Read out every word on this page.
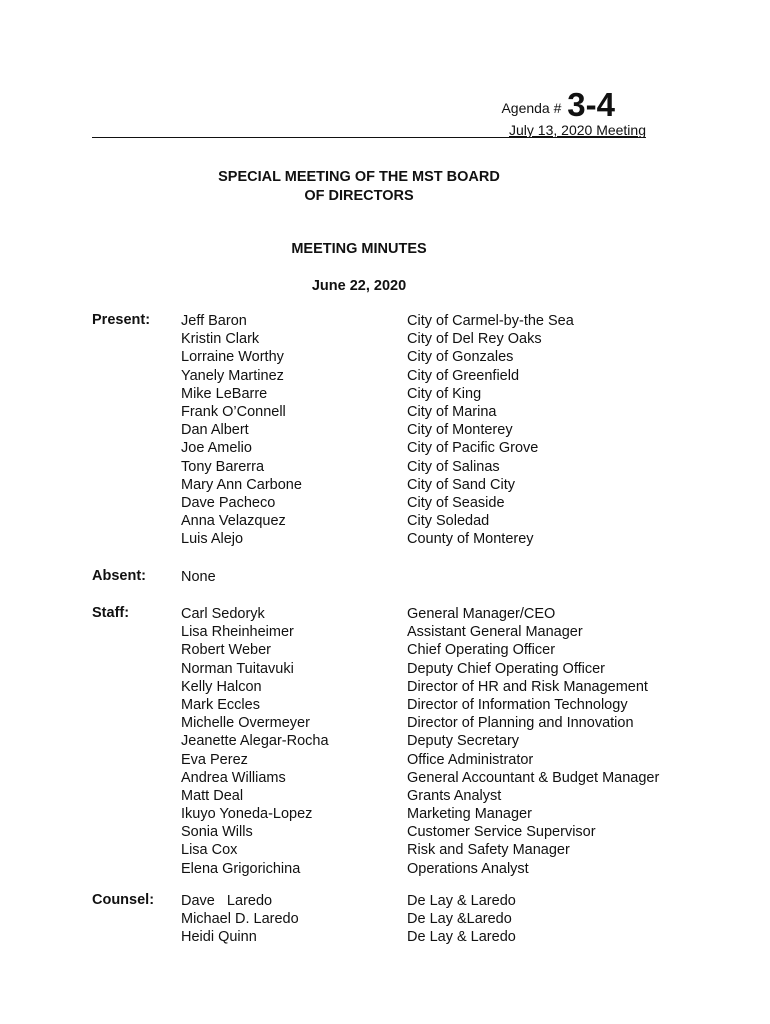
Agenda # 3-4
July 13, 2020 Meeting
SPECIAL MEETING OF THE MST BOARD
OF DIRECTORS
MEETING MINUTES
June 22, 2020
Present: Jeff Baron
Kristin Clark
Lorraine Worthy
Yanely Martinez
Mike LeBarre
Frank O’Connell
Dan Albert
Joe Amelio
Tony Barerra
Mary Ann Carbone
Dave Pacheco
Anna Velazquez
Luis Alejo
City of Carmel-by-the Sea
City of Del Rey Oaks
City of Gonzales
City of Greenfield
City of King
City of Marina
City of Monterey
City of Pacific Grove
City of Salinas
City of Sand City
City of Seaside
City Soledad
County of Monterey
Absent: None
Staff:	Carl Sedoryk
Lisa Rheinheimer
Robert Weber
Norman Tuitavuki
Kelly Halcon
Mark Eccles
Michelle Overmeyer
Jeanette Alegar-Rocha
Eva Perez
Andrea Williams
Matt Deal
Ikuyo Yoneda-Lopez
Sonia Wills
Lisa Cox
Elena Grigorichina
General Manager/CEO
Assistant General Manager
Chief Operating Officer
Deputy Chief Operating Officer
Director of HR and Risk Management
Director of Information Technology
Director of Planning and Innovation
Deputy Secretary
Office Administrator
General Accountant & Budget Manager
Grants Analyst
Marketing Manager
Customer Service Supervisor
Risk and Safety Manager
Operations Analyst
Counsel: Dave   Laredo
Michael D. Laredo
Heidi Quinn
De Lay & Laredo
De Lay &Laredo
De Lay & Laredo
